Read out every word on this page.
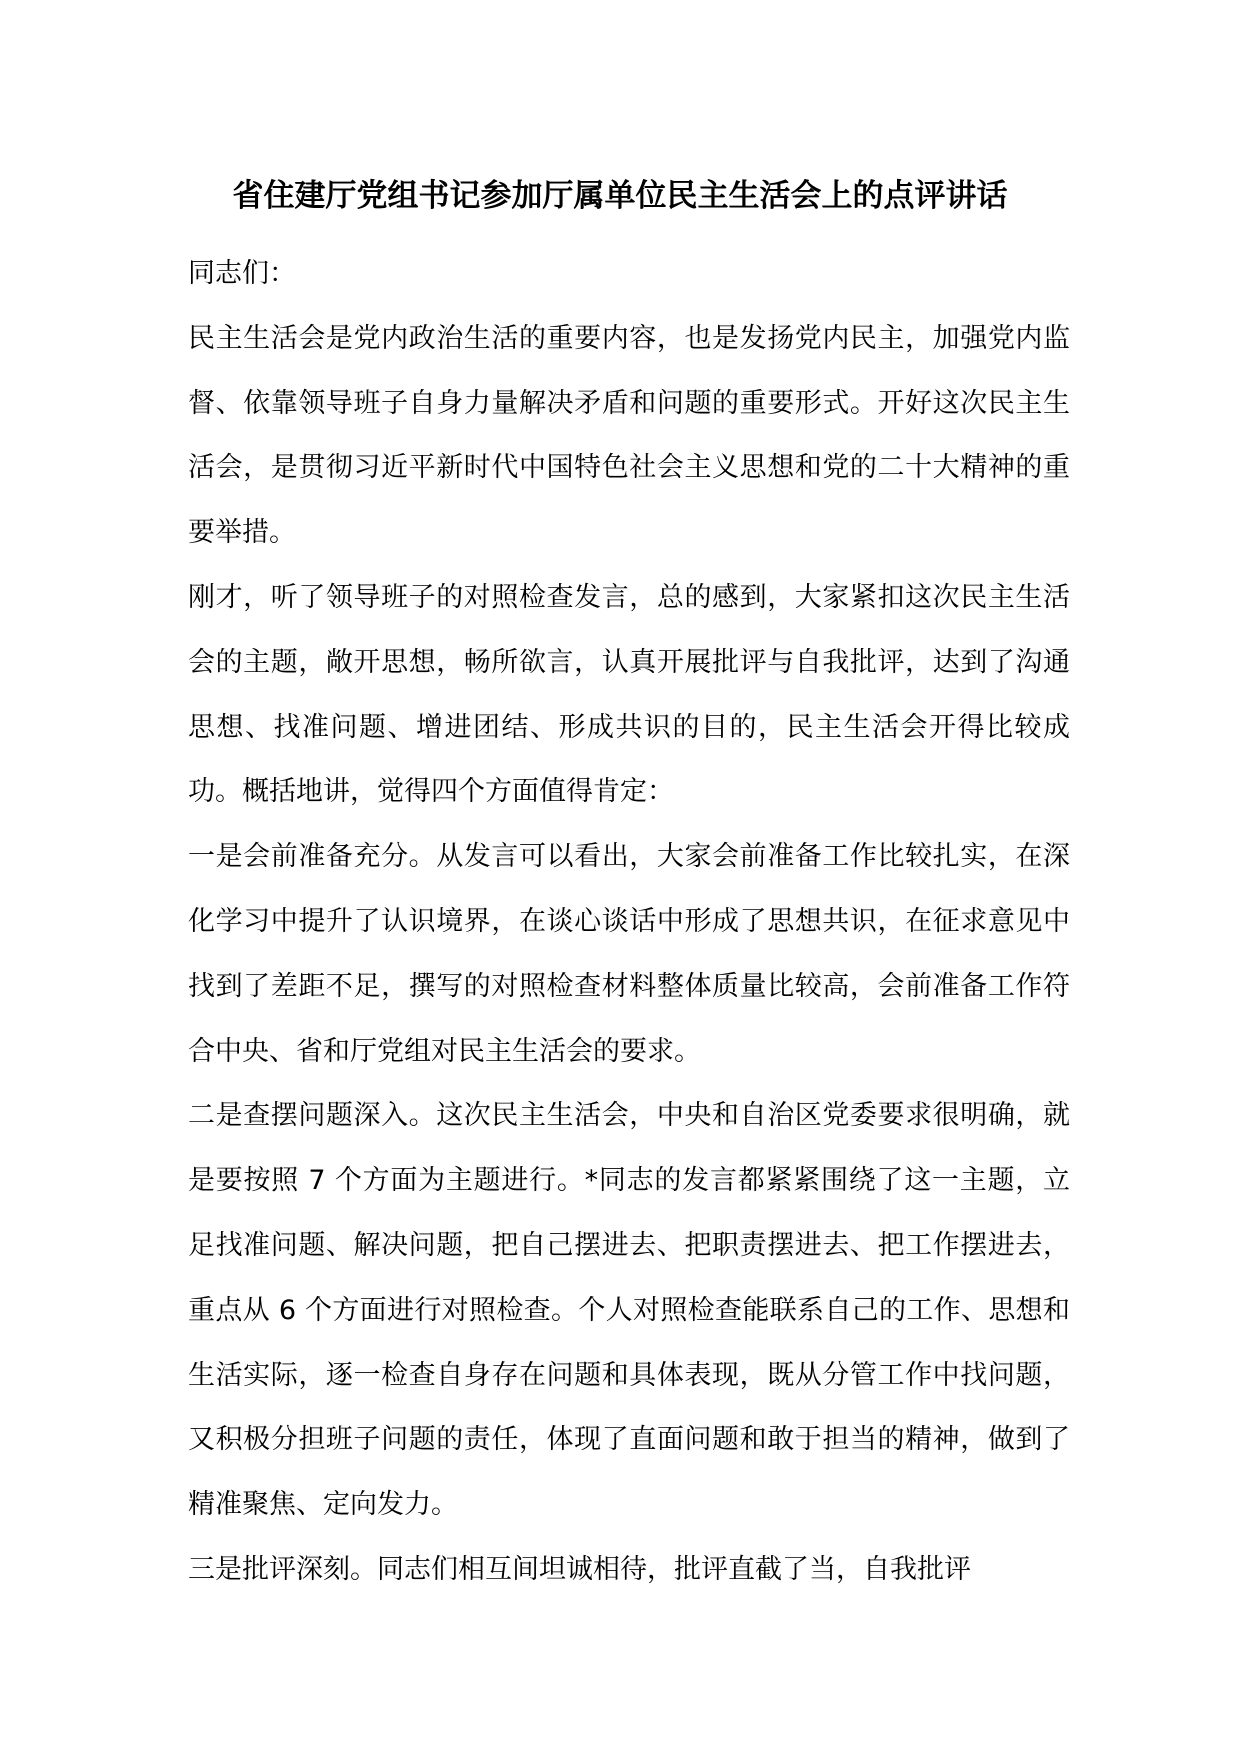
省住建厅党组书记参加厅属单位民主生活会上的点评讲话

同志们：

民主生活会是党内政治生活的重要内容，也是发扬党内民主，加强党内监督、依靠领导班子自身力量解决矛盾和问题的重要形式。开好这次民主生活会，是贯彻习近平新时代中国特色社会主义思想和党的二十大精神的重要举措。

刚才，听了领导班子的对照检查发言，总的感到，大家紧扣这次民主生活会的主题，敞开思想，畅所欲言，认真开展批评与自我批评，达到了沟通思想、找准问题、增进团结、形成共识的目的，民主生活会开得比较成功。概括地讲，觉得四个方面值得肯定：

一是会前准备充分。从发言可以看出，大家会前准备工作比较扎实，在深化学习中提升了认识境界，在谈心谈话中形成了思想共识，在征求意见中找到了差距不足，撰写的对照检查材料整体质量比较高，会前准备工作符合中央、省和厅党组对民主生活会的要求。

二是查摆问题深入。这次民主生活会，中央和自治区党委要求很明确，就是要按照 7 个方面为主题进行。*同志的发言都紧紧围绕了这一主题，立足找准问题、解决问题，把自己摆进去、把职责摆进去、把工作摆进去，重点从 6 个方面进行对照检查。个人对照检查能联系自己的工作、思想和生活实际，逐一检查自身存在问题和具体表现，既从分管工作中找问题，又积极分担班子问题的责任，体现了直面问题和敢于担当的精神，做到了精准聚焦、定向发力。

三是批评深刻。同志们相互间坦诚相待，批评直截了当，自我批评
